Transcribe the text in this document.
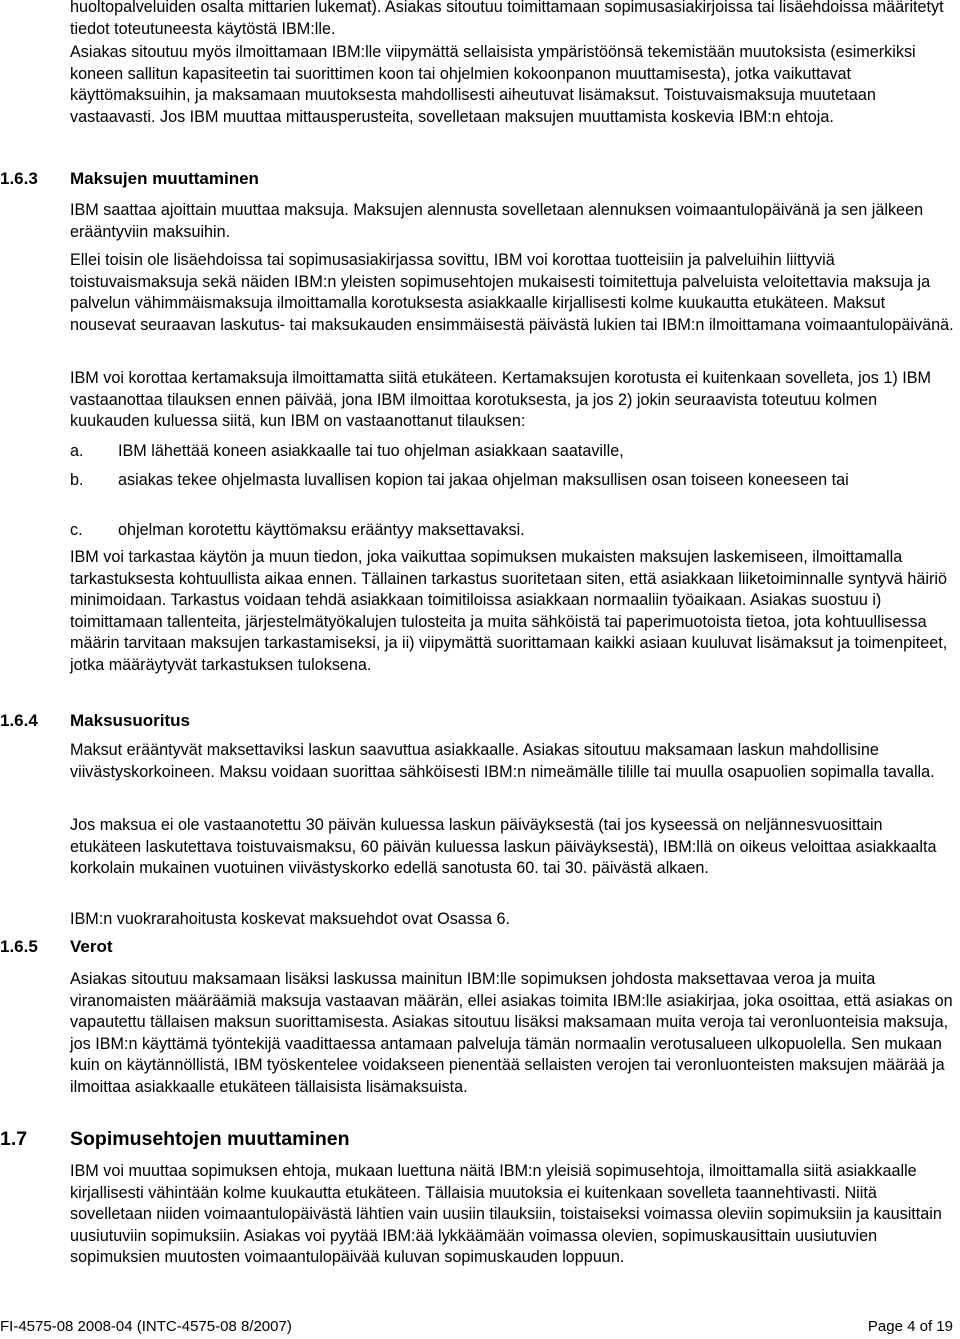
huoltopalveluiden osalta mittarien lukemat). Asiakas sitoutuu toimittamaan sopimusasiakirjoissa tai lisäehdoissa määritetyt tiedot toteutuneesta käytöstä IBM:lle.

Asiakas sitoutuu myös ilmoittamaan IBM:lle viipymättä sellaisista ympäristöönsä tekemistään muutoksista (esimerkiksi koneen sallitun kapasiteetin tai suorittimen koon tai ohjelmien kokoonpanon muuttamisesta), jotka vaikuttavat käyttömaksuihin, ja maksamaan muutoksesta mahdollisesti aiheutuvat lisämaksut. Toistuvaismaksuja muutetaan vastaavasti. Jos IBM muuttaa mittausperusteita, sovelletaan maksujen muuttamista koskevia IBM:n ehtoja.

1.6.3 Maksujen muuttaminen

IBM saattaa ajoittain muuttaa maksuja. Maksujen alennusta sovelletaan alennuksen voimaantulopäivänä ja sen jälkeen erääntyviin maksuihin.

Ellei toisin ole lisäehdoissa tai sopimusasiakirjassa sovittu, IBM voi korottaa tuotteisiin ja palveluihin liittyviä toistuvaismaksuja sekä näiden IBM:n yleisten sopimusehtojen mukaisesti toimitettuja palveluista veloitettavia maksuja ja palvelun vähimmäismaksuja ilmoittamalla korotuksesta asiakkaalle kirjallisesti kolme kuukautta etukäteen. Maksut nousevat seuraavan laskutus- tai maksukauden ensimmäisestä päivästä lukien tai IBM:n ilmoittamana voimaantulopäivänä.

IBM voi korottaa kertamaksuja ilmoittamatta siitä etukäteen. Kertamaksujen korotusta ei kuitenkaan sovelleta, jos 1) IBM vastaanottaa tilauksen ennen päivää, jona IBM ilmoittaa korotuksesta, ja jos 2) jokin seuraavista toteutuu kolmen kuukauden kuluessa siitä, kun IBM on vastaanottanut tilauksen:

a. IBM lähettää koneen asiakkaalle tai tuo ohjelman asiakkaan saataville,
b. asiakas tekee ohjelmasta luvallisen kopion tai jakaa ohjelman maksullisen osan toiseen koneeseen tai
c. ohjelman korotettu käyttömaksu erääntyy maksettavaksi.

IBM voi tarkastaa käytön ja muun tiedon, joka vaikuttaa sopimuksen mukaisten maksujen laskemiseen, ilmoittamalla tarkastuksesta kohtuullista aikaa ennen. Tällainen tarkastus suoritetaan siten, että asiakkaan liiketoiminnalle syntyvä häiriö minimoidaan. Tarkastus voidaan tehdä asiakkaan toimitiloissa asiakkaan normaaliin työaikaan. Asiakas suostuu i) toimittamaan tallenteita, järjestelmätyökalujen tulosteita ja muita sähköistä tai paperimuotoista tietoa, jota kohtuullisessa määrin tarvitaan maksujen tarkastamiseksi, ja ii) viipymättä suorittamaan kaikki asiaan kuuluvat lisämaksut ja toimenpiteet, jotka määräytyvät tarkastuksen tuloksena.

1.6.4 Maksusuoritus

Maksut erääntyvät maksettaviksi laskun saavuttua asiakkaalle. Asiakas sitoutuu maksamaan laskun mahdollisine viivästyskorkoineen. Maksu voidaan suorittaa sähköisesti IBM:n nimeämälle tilille tai muulla osapuolien sopimalla tavalla.

Jos maksua ei ole vastaanotettu 30 päivän kuluessa laskun päiväyksestä (tai jos kyseessä on neljännesvuosittain etukäteen laskutettava toistuvaismaksu, 60 päivän kuluessa laskun päiväyksestä), IBM:llä on oikeus veloittaa asiakkaalta korkolain mukainen vuotuinen viivästyskorko edellä sanotusta 60. tai 30. päivästä alkaen.

IBM:n vuokrarahoitusta koskevat maksuehdot ovat Osassa 6.

1.6.5 Verot

Asiakas sitoutuu maksamaan lisäksi laskussa mainitun IBM:lle sopimuksen johdosta maksettavaa veroa ja muita viranomaisten määräämiä maksuja vastaavan määrän, ellei asiakas toimita IBM:lle asiakirjaa, joka osoittaa, että asiakas on vapautettu tällaisen maksun suorittamisesta. Asiakas sitoutuu lisäksi maksamaan muita veroja tai veronluonteisia maksuja, jos IBM:n käyttämä työntekijä vaadittaessa antamaan palveluja tämän normaalin verotusalueen ulkopuolella. Sen mukaan kuin on käytännöllistä, IBM työskentelee voidakseen pienentää sellaisten verojen tai veronluonteisten maksujen määrää ja ilmoittaa asiakkaalle etukäteen tällaisista lisämaksuista.

1.7 Sopimusehtojen muuttaminen

IBM voi muuttaa sopimuksen ehtoja, mukaan luettuna näitä IBM:n yleisiä sopimusehtoja, ilmoittamalla siitä asiakkaalle kirjallisesti vähintään kolme kuukautta etukäteen. Tällaisia muutoksia ei kuitenkaan sovelleta taannehtivasti. Niitä sovelletaan niiden voimaantulopäivästä lähtien vain uusiin tilauksiin, toistaiseksi voimassa oleviin sopimuksiin ja kausittain uusiutuviin sopimuksiin. Asiakas voi pyytää IBM:ää lykkäämään voimassa olevien, sopimuskausittain uusiutuvien sopimuksien muutosten voimaantulopäivää kuluvan sopimuskauden loppuun.

FI-4575-08 2008-04 (INTC-4575-08 8/2007)	Page 4 of 19
